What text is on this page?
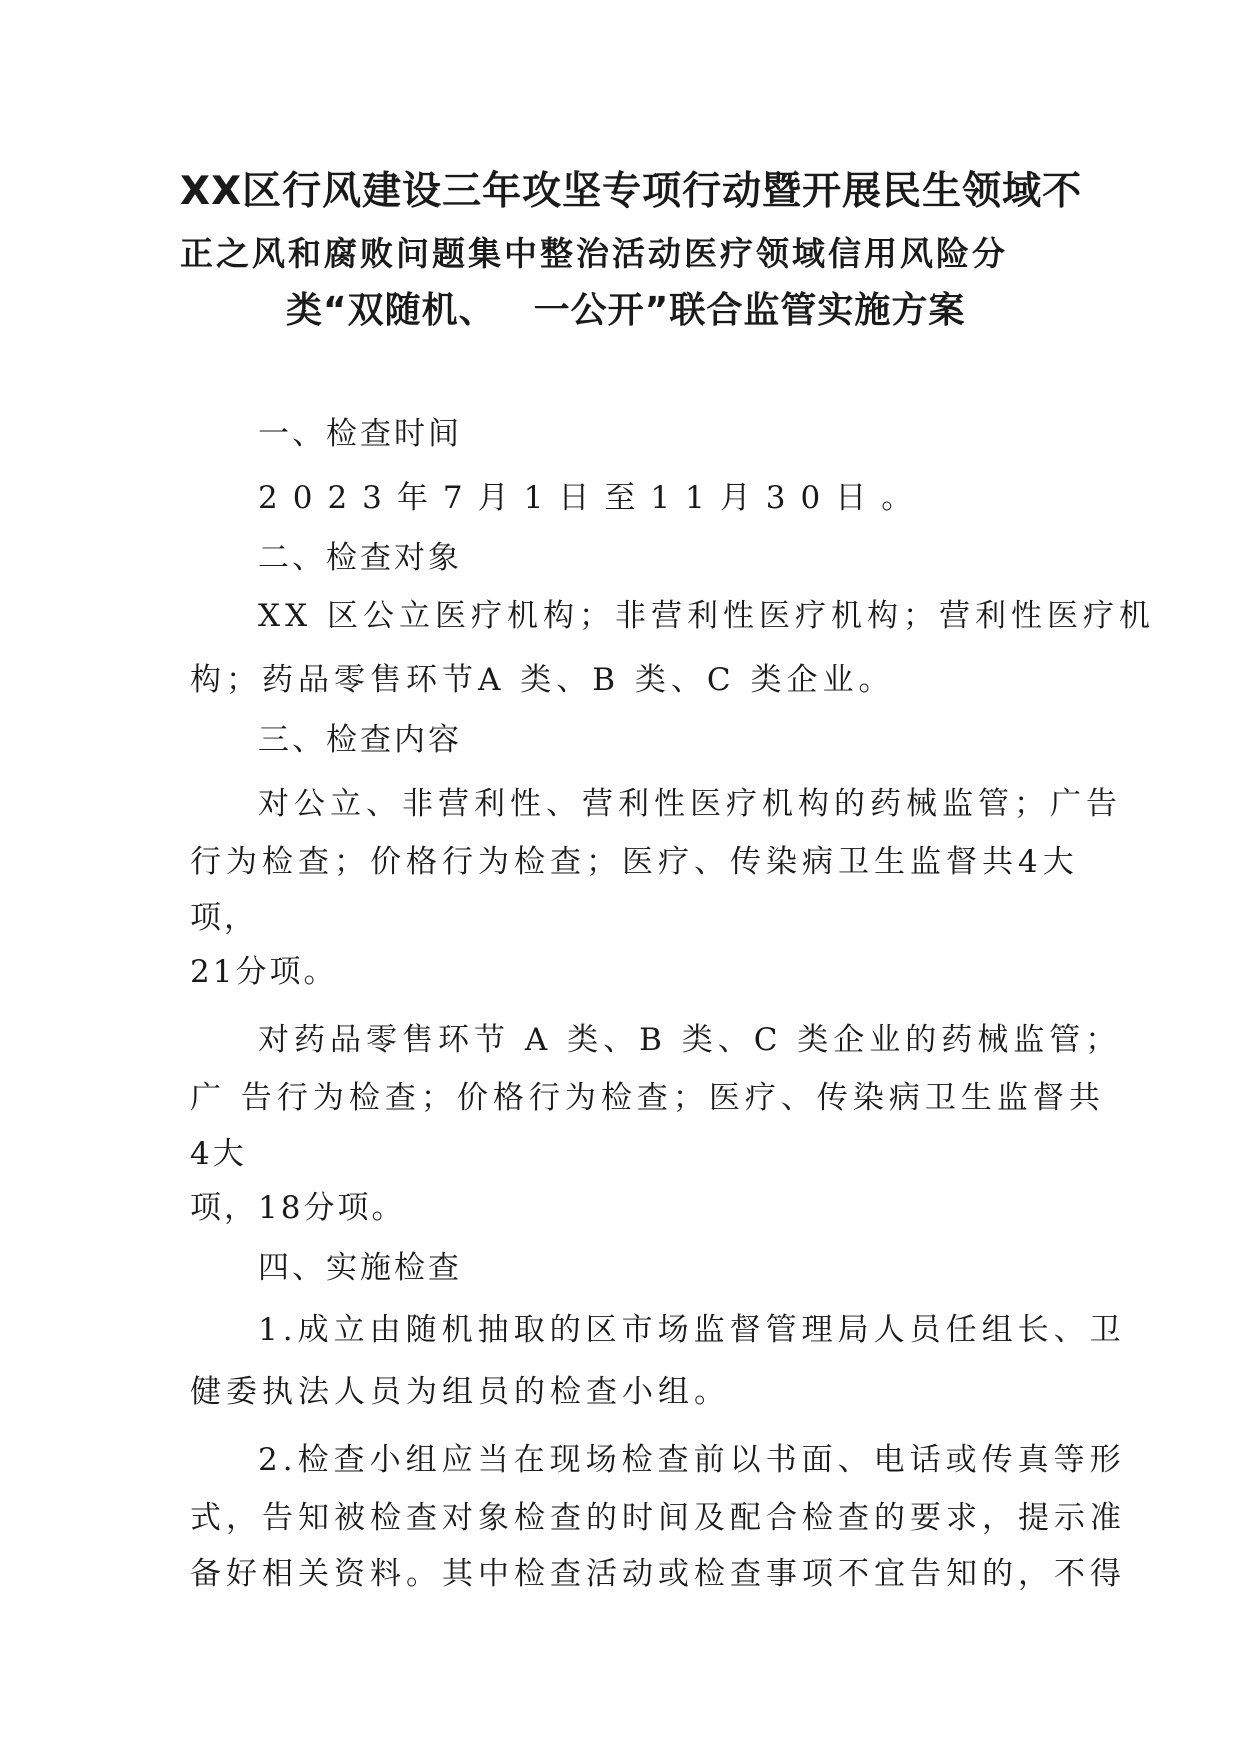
XX区行风建设三年攻坚专项行动暨开展民生领域不
正之风和腐败问题集中整治活动医疗领域信用风险分
类“双随机、 一公开”联合监管实施方案
一、检查时间
2023年7月1日至11月30日。
二、检查对象
XX 区公立医疗机构；非营利性医疗机构；营利性医疗机
构；药品零售环节A 类、B 类、C 类企业。
三、检查内容
对公立、非营利性、营利性医疗机构的药械监管；广告
行为检查；价格行为检查；医疗、传染病卫生监督共4大
项，
21分项。
对药品零售环节 A 类、B 类、C 类企业的药械监管；
广 告行为检查；价格行为检查；医疗、传染病卫生监督共
4大
项，18分项。
四、实施检查
1.成立由随机抽取的区市场监督管理局人员任组长、卫
健委执法人员为组员的检查小组。
2.检查小组应当在现场检查前以书面、电话或传真等形
式，告知被检查对象检查的时间及配合检查的要求，提示准
备好相关资料。其中检查活动或检查事项不宜告知的，不得
